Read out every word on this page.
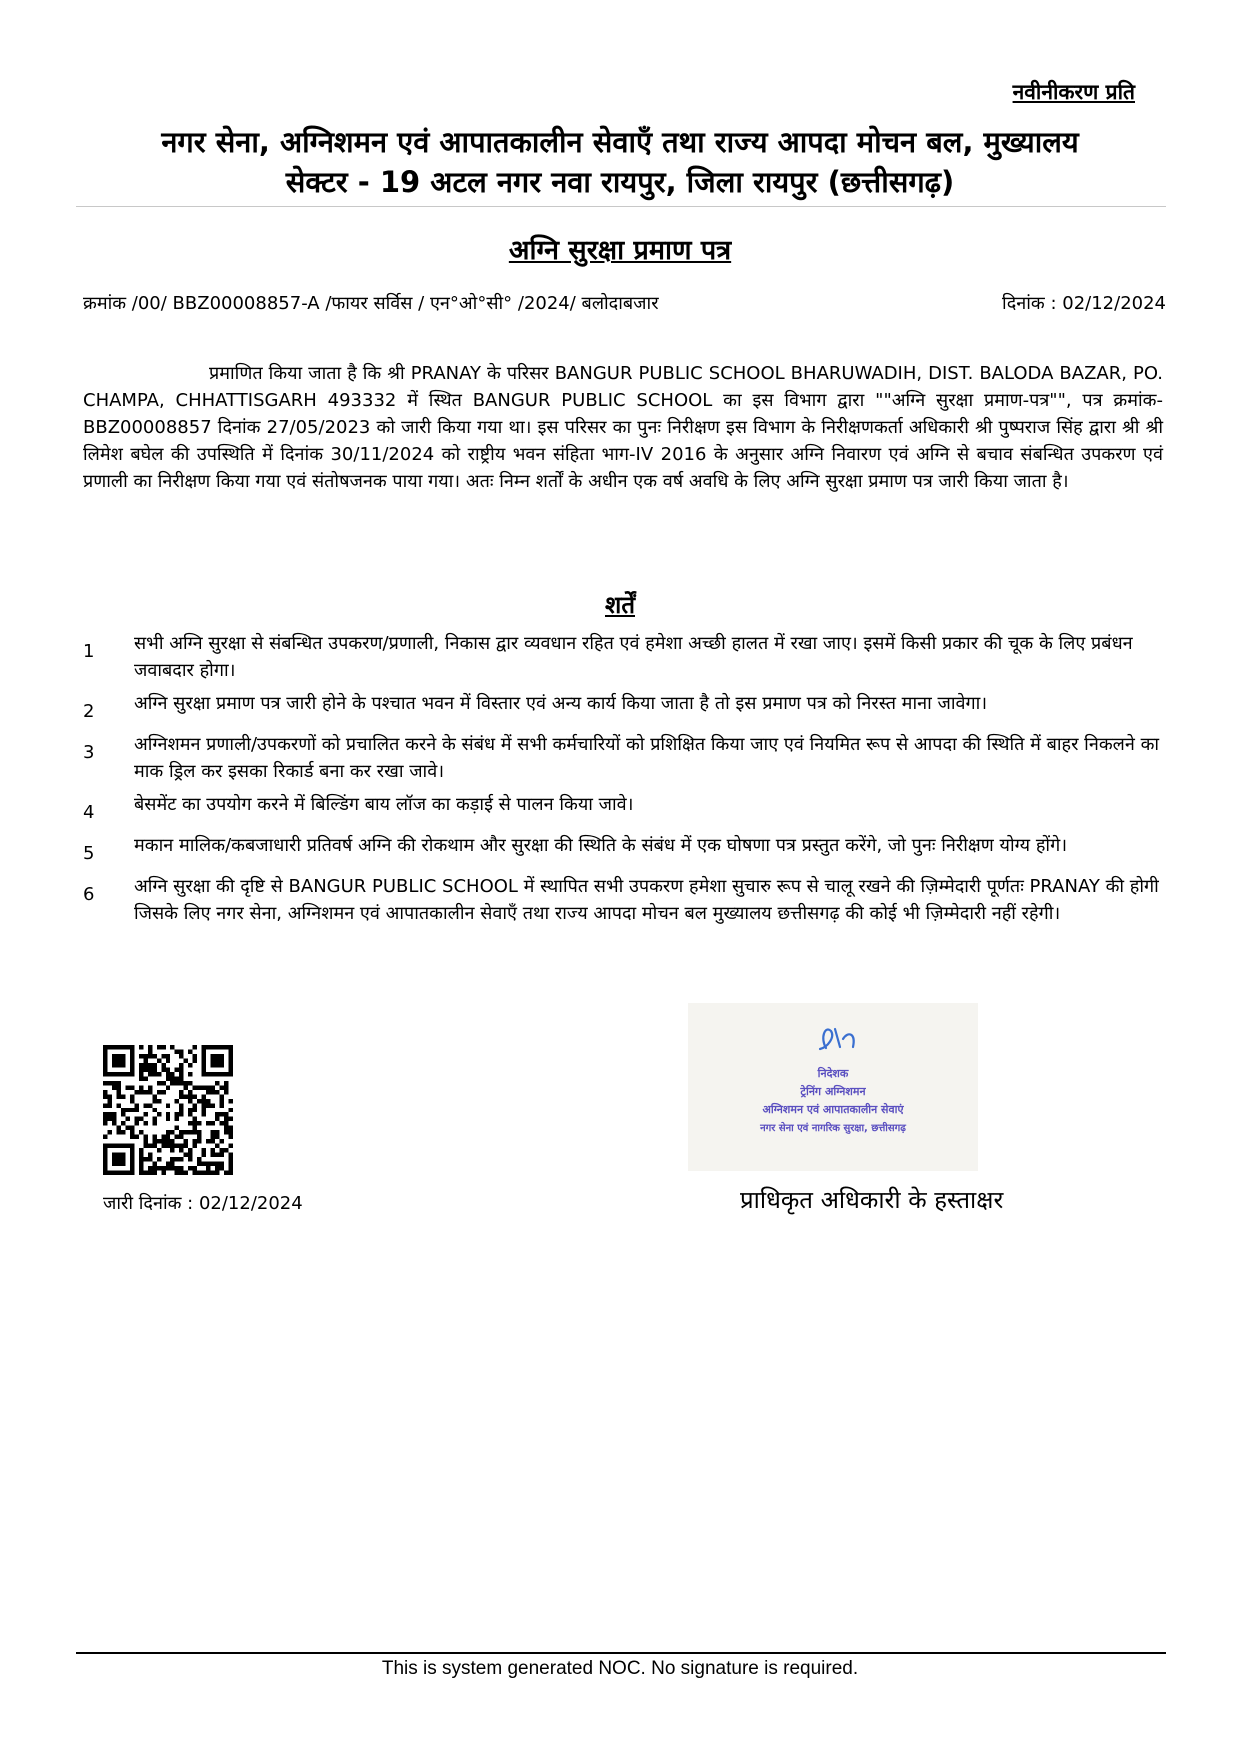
नवीनीकरण प्रति
नगर सेना, अग्निशमन एवं आपातकालीन सेवाएँ तथा राज्य आपदा मोचन बल, मुख्यालय
सेक्टर - 19 अटल नगर नवा रायपुर, जिला रायपुर (छत्तीसगढ़)
अग्नि सुरक्षा प्रमाण पत्र
क्रमांक /00/ BBZ00008857-A /फायर सर्विस / एन°ओ°सी° /2024/ बलोदाबजार	दिनांक : 02/12/2024
प्रमाणित किया जाता है कि श्री PRANAY के परिसर BANGUR PUBLIC SCHOOL BHARUWADIH, DIST. BALODA BAZAR, PO. CHAMPA, CHHATTISGARH 493332 में स्थित BANGUR PUBLIC SCHOOL का इस विभाग द्वारा ""अग्नि सुरक्षा प्रमाण-पत्र"", पत्र क्रमांक- BBZ00008857 दिनांक 27/05/2023 को जारी किया गया था। इस परिसर का पुनः निरीक्षण इस विभाग के निरीक्षणकर्ता अधिकारी श्री पुष्पराज सिंह द्वारा श्री श्री लिमेश बघेल की उपस्थिति में दिनांक 30/11/2024 को राष्ट्रीय भवन संहिता भाग-IV 2016 के अनुसार अग्नि निवारण एवं अग्नि से बचाव संबन्धित उपकरण एवं प्रणाली का निरीक्षण किया गया एवं संतोषजनक पाया गया। अतः निम्न शर्तों के अधीन एक वर्ष अवधि के लिए अग्नि सुरक्षा प्रमाण पत्र जारी किया जाता है।
शर्तें
1	सभी अग्नि सुरक्षा से संबन्धित उपकरण/प्रणाली, निकास द्वार व्यवधान रहित एवं हमेशा अच्छी हालत में रखा जाए। इसमें किसी प्रकार की चूक के लिए प्रबंधन जवाबदार होगा।
2	अग्नि सुरक्षा प्रमाण पत्र जारी होने के पश्चात भवन में विस्तार एवं अन्य कार्य किया जाता है तो इस प्रमाण पत्र को निरस्त माना जावेगा।
3	अग्निशमन प्रणाली/उपकरणों को प्रचालित करने के संबंध में सभी कर्मचारियों को प्रशिक्षित किया जाए एवं नियमित रूप से आपदा की स्थिति में बाहर निकलने का माक ड्रिल कर इसका रिकार्ड बना कर रखा जावे।
4	बेसमेंट का उपयोग करने में बिल्डिंग बाय लॉज का कड़ाई से पालन किया जावे।
5	मकान मालिक/कबजाधारी प्रतिवर्ष अग्नि की रोकथाम और सुरक्षा की स्थिति के संबंध में एक घोषणा पत्र प्रस्तुत करेंगे, जो पुनः निरीक्षण योग्य होंगे।
6	अग्नि सुरक्षा की दृष्टि से BANGUR PUBLIC SCHOOL में स्थापित सभी उपकरण हमेशा सुचारु रूप से चालू रखने की ज़िम्मेदारी पूर्णतः PRANAY की होगी जिसके लिए नगर सेना, अग्निशमन एवं आपातकालीन सेवाएँ तथा राज्य आपदा मोचन बल मुख्यालय छत्तीसगढ़ की कोई भी ज़िम्मेदारी नहीं रहेगी।
जारी दिनांक : 02/12/2024
निदेशक
ट्रेनिंग अग्निशमन
अग्निशमन एवं आपातकालीन सेवाएं
नगर सेना एवं नागरिक सुरक्षा, छत्तीसगढ़
प्राधिकृत अधिकारी के हस्ताक्षर
This is system generated NOC. No signature is required.
